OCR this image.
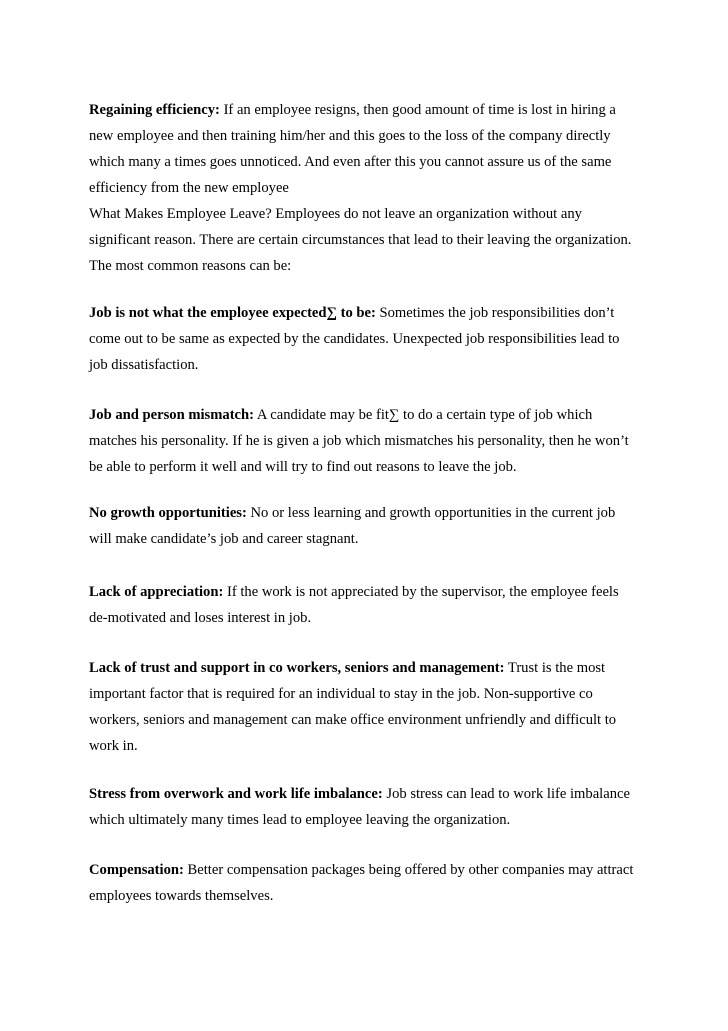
Regaining efficiency: If an employee resigns, then good amount of time is lost in hiring a
new employee and then training him/her and this goes to the loss of the company directly
which many a times goes unnoticed. And even after this you cannot assure us of the same
efficiency from the new employee
What Makes Employee Leave? Employees do not leave an organization without any
significant reason. There are certain circumstances that lead to their leaving the organization.
The most common reasons can be:
Job is not what the employee expected∑ to be: Sometimes the job responsibilities don’t
come out to be same as expected by the candidates. Unexpected job responsibilities lead to
job dissatisfaction.
Job and person mismatch: A candidate may be fit∑ to do a certain type of job which
matches his personality. If he is given a job which mismatches his personality, then he won’t
be able to perform it well and will try to find out reasons to leave the job.
No growth opportunities: No or less learning and growth opportunities in the current job
will make candidate’s job and career stagnant.
Lack of appreciation: If the work is not appreciated by the supervisor, the employee feels
de-motivated and loses interest in job.
Lack of trust and support in co workers, seniors and management: Trust is the most
important factor that is required for an individual to stay in the job. Non-supportive co
workers, seniors and management can make office environment unfriendly and difficult to
work in.
Stress from overwork and work life imbalance: Job stress can lead to work life imbalance
which ultimately many times lead to employee leaving the organization.
Compensation: Better compensation packages being offered by other companies may attract
employees towards themselves.
